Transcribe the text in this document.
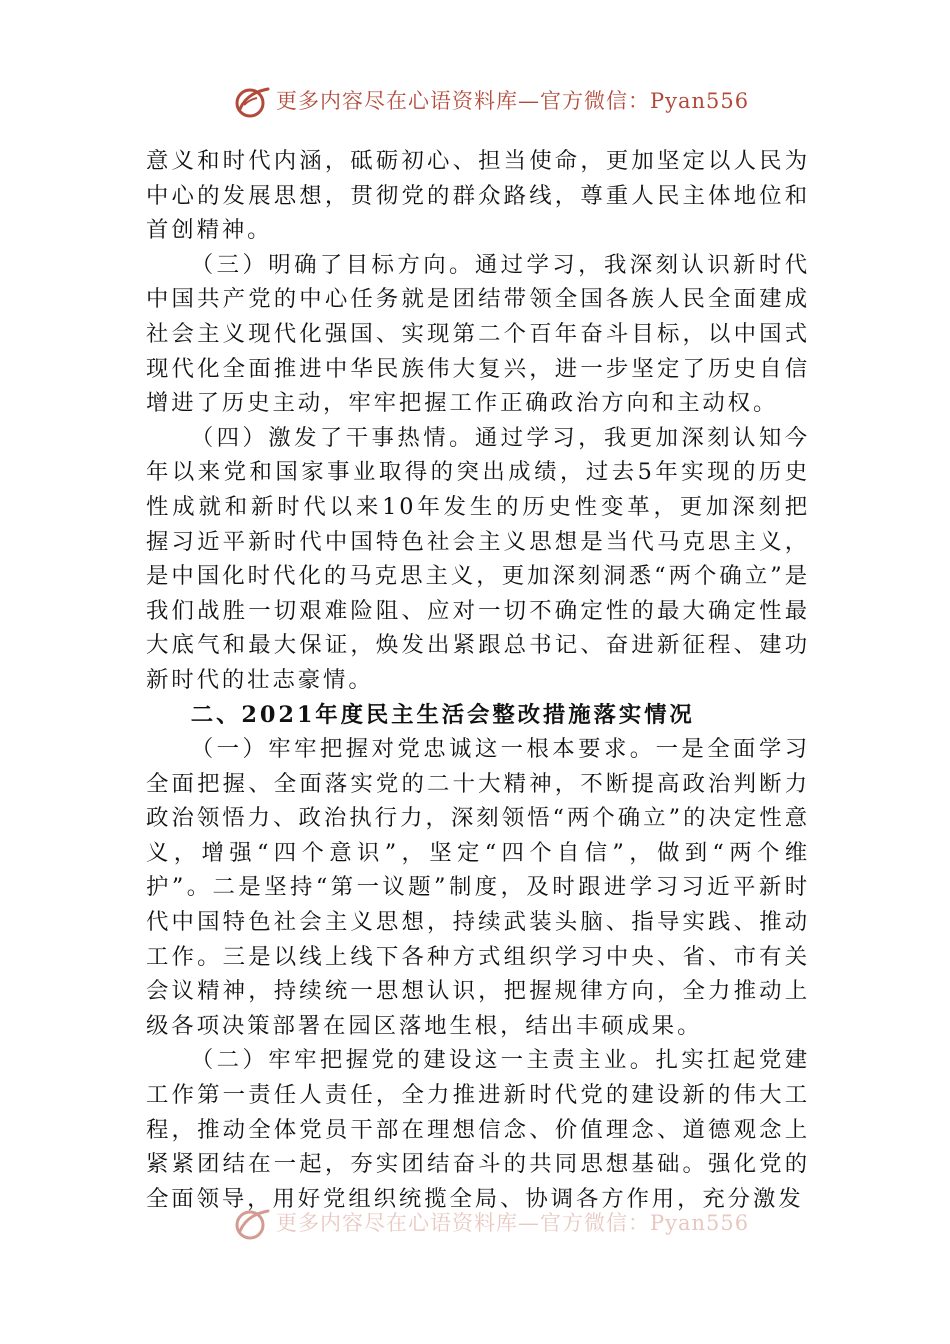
更多内容尽在心语资料库—官方微信：Pyan556

意义和时代内涵，砥砺初心、担当使命，更加坚定以人民为中心的发展思想，贯彻党的群众路线，尊重人民主体地位和首创精神。

（三）明确了目标方向。通过学习，我深刻认识新时代中国共产党的中心任务就是团结带领全国各族人民全面建成社会主义现代化强国、实现第二个百年奋斗目标，以中国式现代化全面推进中华民族伟大复兴，进一步坚定了历史自信增进了历史主动，牢牢把握工作正确政治方向和主动权。

（四）激发了干事热情。通过学习，我更加深刻认知今年以来党和国家事业取得的突出成绩，过去5年实现的历史性成就和新时代以来10年发生的历史性变革，更加深刻把握习近平新时代中国特色社会主义思想是当代马克思主义，是中国化时代化的马克思主义，更加深刻洞悉“两个确立”是我们战胜一切艰难险阻、应对一切不确定性的最大确定性最大底气和最大保证，焕发出紧跟总书记、奋进新征程、建功新时代的壮志豪情。

二、2021年度民主生活会整改措施落实情况

（一）牢牢把握对党忠诚这一根本要求。一是全面学习全面把握、全面落实党的二十大精神，不断提高政治判断力政治领悟力、政治执行力，深刻领悟“两个确立”的决定性意义，增强“四个意识”，坚定“四个自信”，做到“两个维护”。二是坚持“第一议题”制度，及时跟进学习习近平新时代中国特色社会主义思想，持续武装头脑、指导实践、推动工作。三是以线上线下各种方式组织学习中央、省、市有关会议精神，持续统一思想认识，把握规律方向，全力推动上级各项决策部署在园区落地生根，结出丰硕成果。

（二）牢牢把握党的建设这一主责主业。扎实扛起党建工作第一责任人责任，全力推进新时代党的建设新的伟大工程，推动全体党员干部在理想信念、价值理念、道德观念上紧紧团结在一起，夯实团结奋斗的共同思想基础。强化党的全面领导，用好党组织统揽全局、协调各方作用，充分激发

更多内容尽在心语资料库—官方微信：Pyan556
